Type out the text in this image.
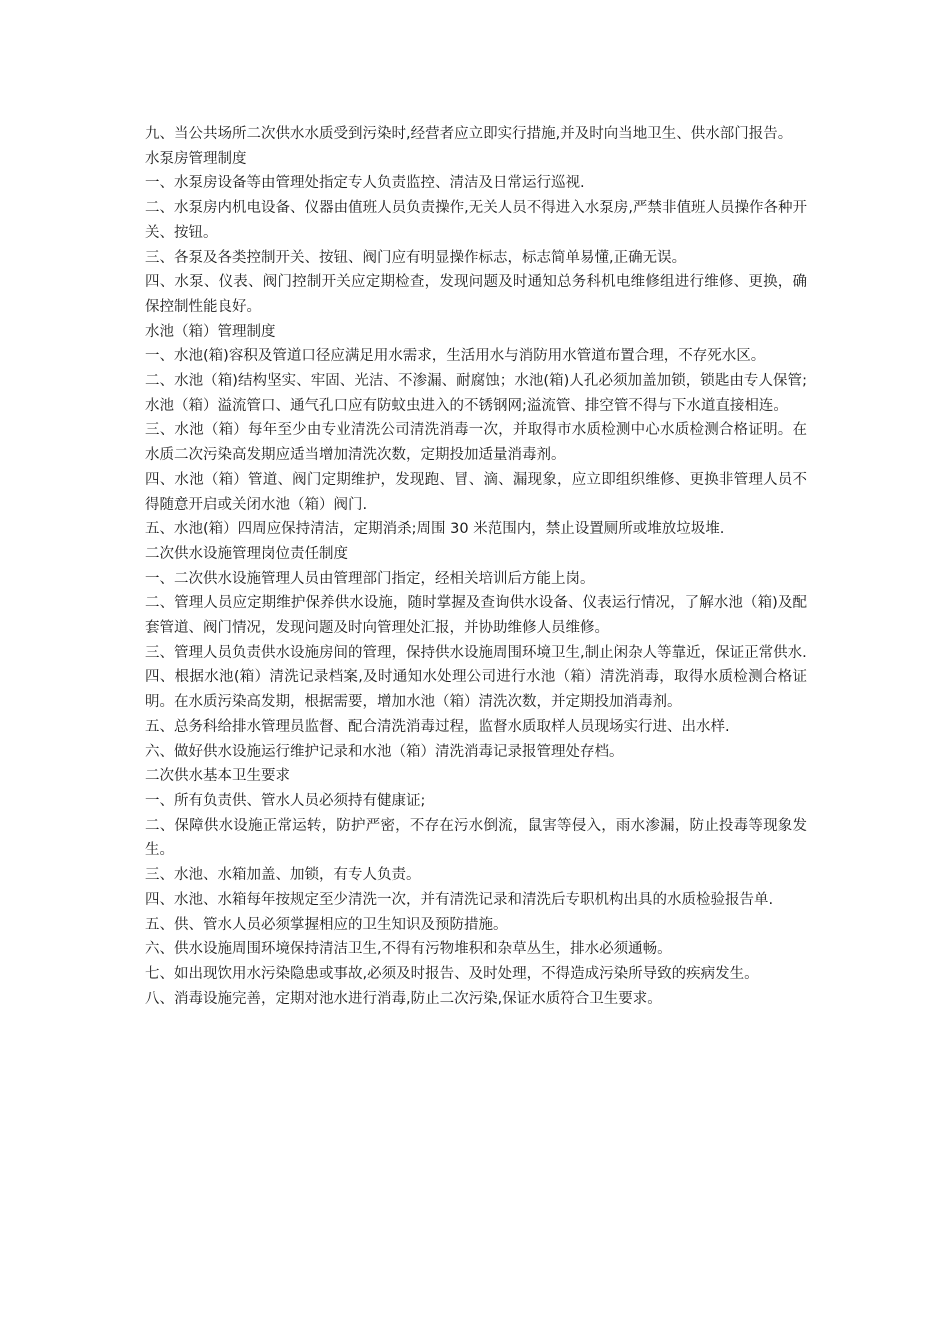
九、当公共场所二次供水水质受到污染时,经营者应立即实行措施,并及时向当地卫生、供水部门报告。

水泵房管理制度

一、水泵房设备等由管理处指定专人负责监控、清洁及日常运行巡视.

二、水泵房内机电设备、仪器由值班人员负责操作,无关人员不得进入水泵房,严禁非值班人员操作各种开关、按钮。

三、各泵及各类控制开关、按钮、阀门应有明显操作标志，标志简单易懂,正确无误。

四、水泵、仪表、阀门控制开关应定期检查，发现问题及时通知总务科机电维修组进行维修、更换，确保控制性能良好。

水池（箱）管理制度

一、水池(箱)容积及管道口径应满足用水需求，生活用水与消防用水管道布置合理，不存死水区。

二、水池（箱)结构坚实、牢固、光洁、不渗漏、耐腐蚀；水池(箱)人孔必须加盖加锁，锁匙由专人保管;水池（箱）溢流管口、通气孔口应有防蚊虫进入的不锈钢网;溢流管、排空管不得与下水道直接相连。

三、水池（箱）每年至少由专业清洗公司清洗消毒一次，并取得市水质检测中心水质检测合格证明。在水质二次污染高发期应适当增加清洗次数，定期投加适量消毒剂。

四、水池（箱）管道、阀门定期维护，发现跑、冒、滴、漏现象，应立即组织维修、更换非管理人员不得随意开启或关闭水池（箱）阀门.

五、水池(箱）四周应保持清洁，定期消杀;周围 30 米范围内，禁止设置厕所或堆放垃圾堆.

二次供水设施管理岗位责任制度

一、二次供水设施管理人员由管理部门指定，经相关培训后方能上岗。

二、管理人员应定期维护保养供水设施，随时掌握及查询供水设备、仪表运行情况，了解水池（箱)及配套管道、阀门情况，发现问题及时向管理处汇报，并协助维修人员维修。

三、管理人员负责供水设施房间的管理，保持供水设施周围环境卫生,制止闲杂人等靠近，保证正常供水.

四、根据水池(箱）清洗记录档案,及时通知水处理公司进行水池（箱）清洗消毒，取得水质检测合格证明。在水质污染高发期，根据需要，增加水池（箱）清洗次数，并定期投加消毒剂。

五、总务科给排水管理员监督、配合清洗消毒过程，监督水质取样人员现场实行进、出水样.

六、做好供水设施运行维护记录和水池（箱）清洗消毒记录报管理处存档。

二次供水基本卫生要求

一、所有负责供、管水人员必须持有健康证;

二、保障供水设施正常运转，防护严密，不存在污水倒流，鼠害等侵入，雨水渗漏，防止投毒等现象发生。

三、水池、水箱加盖、加锁，有专人负责。

四、水池、水箱每年按规定至少清洗一次，并有清洗记录和清洗后专职机构出具的水质检验报告单.

五、供、管水人员必须掌握相应的卫生知识及预防措施。

六、供水设施周围环境保持清洁卫生,不得有污物堆积和杂草丛生，排水必须通畅。

七、如出现饮用水污染隐患或事故,必须及时报告、及时处理，不得造成污染所导致的疾病发生。

八、消毒设施完善，定期对池水进行消毒,防止二次污染,保证水质符合卫生要求。
